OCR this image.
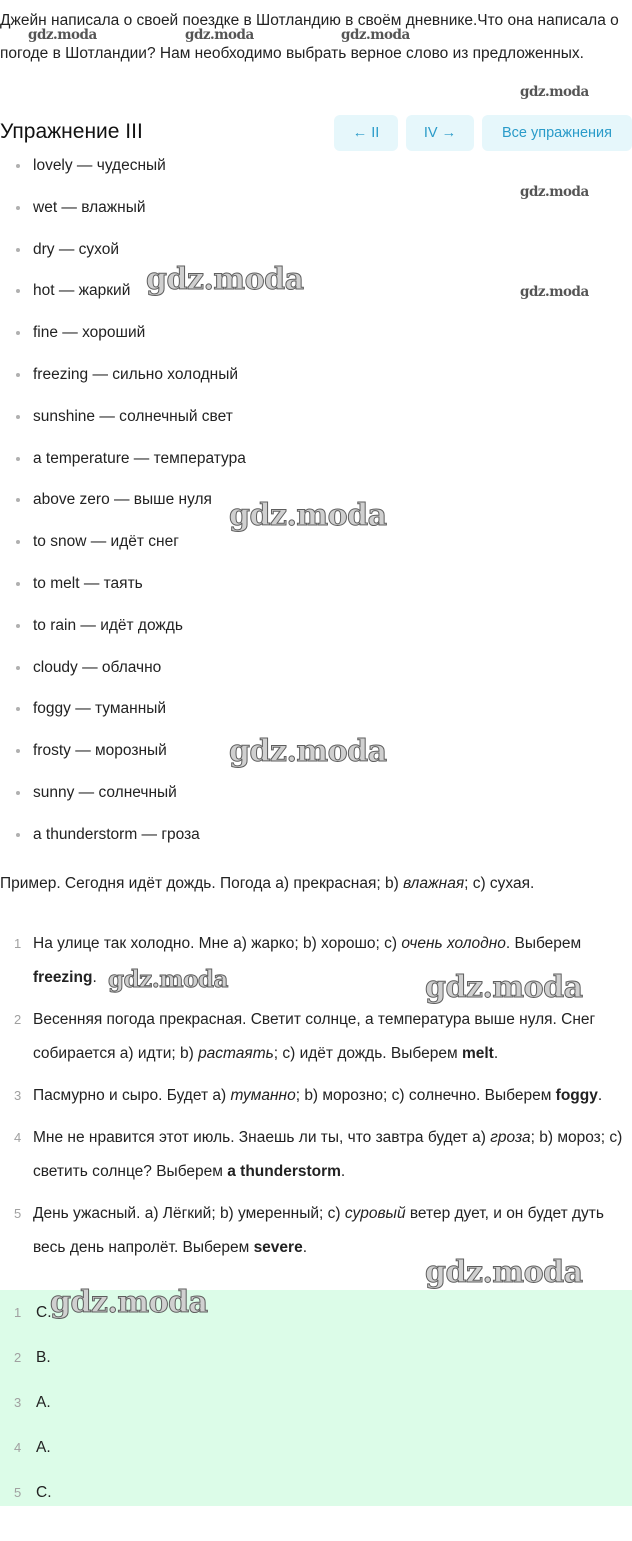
Джейн написала о своей поездке в Шотландию в своём дневнике.Что она написала о погоде в Шотландии? Нам необходимо выбрать верное слово из предложенных.
Упражнение III	← II	IV →	Все упражнения
lovely — чудесный
wet — влажный
dry — сухой
hot — жаркий
fine — хороший
freezing — сильно холодный
sunshine — солнечный свет
a temperature — температура
above zero — выше нуля
to snow — идёт снег
to melt — таять
to rain — идёт дождь
cloudy — облачно
foggy — туманный
frosty — морозный
sunny — солнечный
a thunderstorm — гроза
Пример. Сегодня идёт дождь. Погода a) прекрасная; b) влажная; c) сухая.
1 На улице так холодно. Мне a) жарко; b) хорошо; c) очень холодно. Выберем freezing.
2 Весенняя погода прекрасная. Светит солнце, а температура выше нуля. Снег собирается a) идти; b) растаять; c) идёт дождь. Выберем melt.
3 Пасмурно и сыро. Будет a) туманно; b) морозно; c) солнечно. Выберем foggy.
4 Мне не нравится этот июль. Знаешь ли ты, что завтра будет a) гроза; b) мороз; c) светить солнце? Выберем a thunderstorm.
5 День ужасный. a) Лёгкий; b) умеренный; c) суровый ветер дует, и он будет дуть весь день напролёт. Выберем severe.
1 C.
2 B.
3 A.
4 A.
5 C.
gdz.moda	gdz.moda	gdz.moda
gdz.moda
gdz.moda
gdz.moda
gdz.moda
gdz.moda
gdz.moda
gdz.moda	gdz.moda
gdz.moda
gdz.moda
